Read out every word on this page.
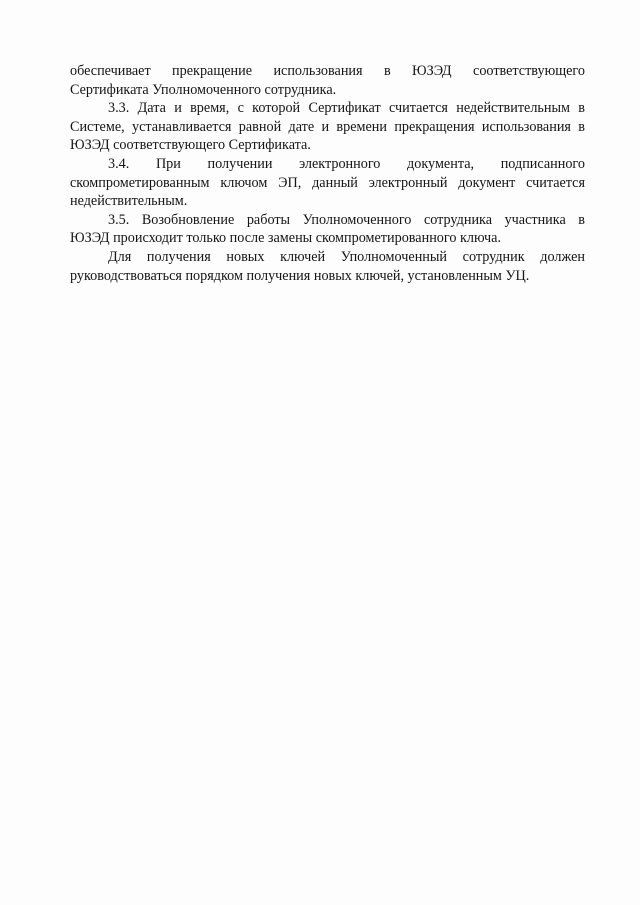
обеспечивает прекращение использования в ЮЗЭД соответствующего
Сертификата Уполномоченного сотрудника.
3.3. Дата и время, с которой Сертификат считается недействительным в
Системе, устанавливается равной дате и времени прекращения использования в
ЮЗЭД соответствующего Сертификата.
3.4. При получении электронного документа, подписанного
скомпрометированным ключом ЭП, данный электронный документ считается
недействительным.
3.5. Возобновление работы Уполномоченного сотрудника участника в
ЮЗЭД происходит только после замены скомпрометированного ключа.
Для получения новых ключей Уполномоченный сотрудник должен
руководствоваться порядком получения новых ключей, установленным УЦ.
